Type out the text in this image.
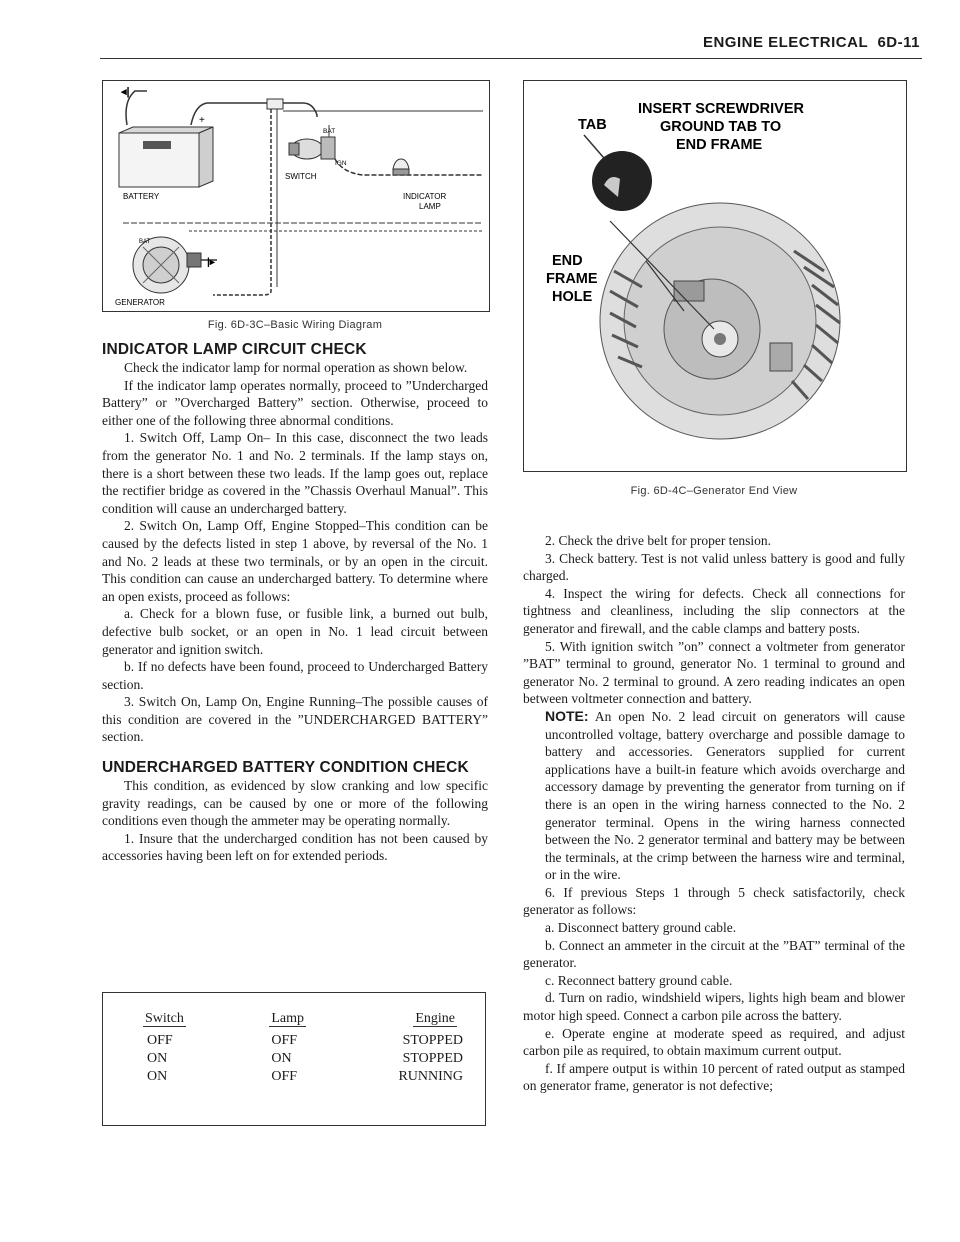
ENGINE ELECTRICAL 6D-11
◂|
+
BATTERY
BAT
IGN
SWITCH
INDICATOR
LAMP
|▸
BAT
GENERATOR
Fig. 6D-3C–Basic Wiring Diagram
INSERT SCREWDRIVER
GROUND TAB TO
END FRAME
TAB
END
FRAME
HOLE
Fig. 6D-4C–Generator End View
INDICATOR LAMP CIRCUIT CHECK

Check the indicator lamp for normal operation as shown below.

If the indicator lamp operates normally, proceed to ”Undercharged Battery” or ”Overcharged Battery” section. Otherwise, proceed to either one of the following three abnormal conditions.

1. Switch Off, Lamp On– In this case, disconnect the two leads from the generator No. 1 and No. 2 terminals. If the lamp stays on, there is a short between these two leads. If the lamp goes out, replace the rectifier bridge as covered in the ”Chassis Overhaul Manual”. This condition will cause an undercharged battery.

2. Switch On, Lamp Off, Engine Stopped–This condition can be caused by the defects listed in step 1 above, by reversal of the No. 1 and No. 2 leads at these two terminals, or by an open in the circuit. This condition can cause an undercharged battery. To determine where an open exists, proceed as follows:

a. Check for a blown fuse, or fusible link, a burned out bulb, defective bulb socket, or an open in No. 1 lead circuit between generator and ignition switch.

b. If no defects have been found, proceed to Undercharged Battery section.

3. Switch On, Lamp On, Engine Running–The possible causes of this condition are covered in the ”UNDERCHARGED BATTERY” section.

UNDERCHARGED BATTERY CONDITION CHECK

This condition, as evidenced by slow cranking and low specific gravity readings, can be caused by one or more of the following conditions even though the ammeter may be operating normally.

1. Insure that the undercharged condition has not been caused by accessories having been left on for extended periods.

Switch	Lamp	Engine
OFF	OFF	STOPPED
ON	ON	STOPPED
ON	OFF	RUNNING

2. Check the drive belt for proper tension.

3. Check battery. Test is not valid unless battery is good and fully charged.

4. Inspect the wiring for defects. Check all connections for tightness and cleanliness, including the slip connectors at the generator and firewall, and the cable clamps and battery posts.

5. With ignition switch ”on” connect a voltmeter from generator ”BAT” terminal to ground, generator No. 1 terminal to ground and generator No. 2 terminal to ground. A zero reading indicates an open between voltmeter connection and battery.

NOTE: An open No. 2 lead circuit on generators will cause uncontrolled voltage, battery overcharge and possible damage to battery and accessories. Generators supplied for current applications have a built-in feature which avoids overcharge and accessory damage by preventing the generator from turning on if there is an open in the wiring harness connected to the No. 2 generator terminal. Opens in the wiring harness connected between the No. 2 generator terminal and battery may be between the terminals, at the crimp between the harness wire and terminal, or in the wire.

6. If previous Steps 1 through 5 check satisfactorily, check generator as follows:

a. Disconnect battery ground cable.

b. Connect an ammeter in the circuit at the ”BAT” terminal of the generator.

c. Reconnect battery ground cable.

d. Turn on radio, windshield wipers, lights high beam and blower motor high speed. Connect a carbon pile across the battery.

e. Operate engine at moderate speed as required, and adjust carbon pile as required, to obtain maximum current output.

f. If ampere output is within 10 percent of rated output as stamped on generator frame, generator is not defective;
